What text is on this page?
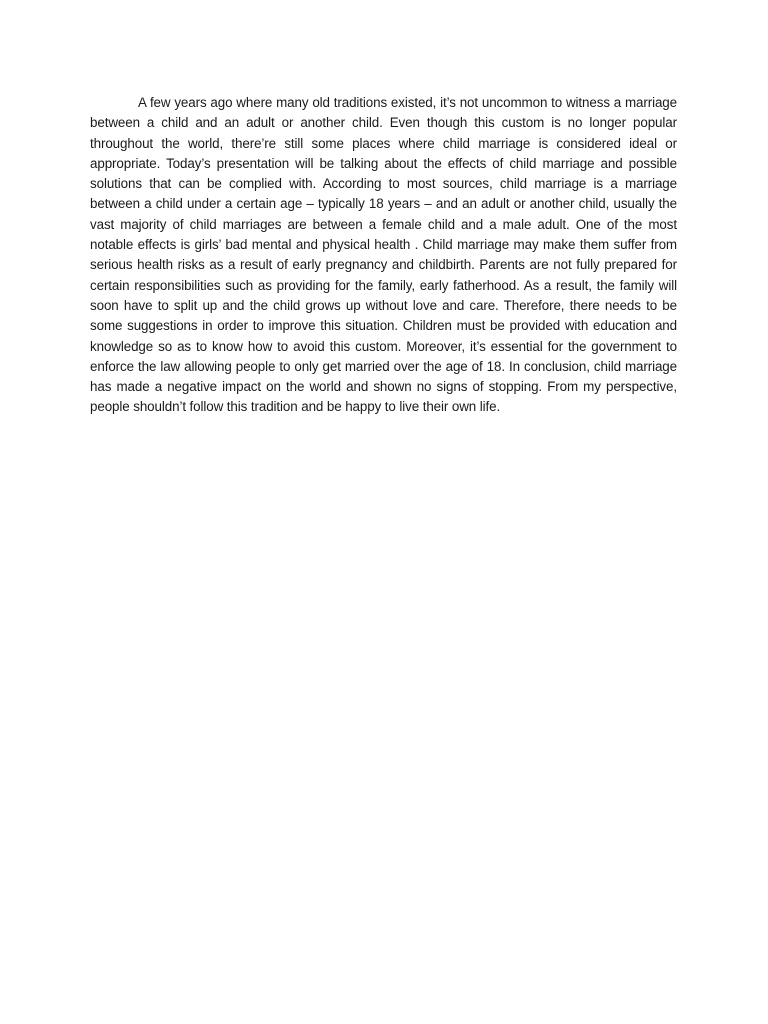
A few years ago where many old traditions existed, it’s not uncommon to witness a marriage between a child and an adult or another child. Even though this custom is no longer popular throughout the world, there’re still some places where child marriage is considered ideal or appropriate. Today’s presentation will be talking about the effects of child marriage and possible solutions that can be complied with. According to most sources, child marriage is a marriage between a child under a certain age – typically 18 years – and an adult or another child, usually the vast majority of child marriages are between a female child and a male adult. One of the most notable effects is girls’ bad mental and physical health . Child marriage may make them suffer from serious health risks as a result of early pregnancy and childbirth. Parents are not fully prepared for certain responsibilities such as providing for the family, early fatherhood. As a result, the family will soon have to split up and the child grows up without love and care. Therefore, there needs to be some suggestions in order to improve this situation. Children must be provided with education and knowledge so as to know how to avoid this custom. Moreover, it’s essential for the government to enforce the law allowing people to only get married over the age of 18. In conclusion, child marriage has made a negative impact on the world and shown no signs of stopping. From my perspective, people shouldn’t follow this tradition and be happy to live their own life.
